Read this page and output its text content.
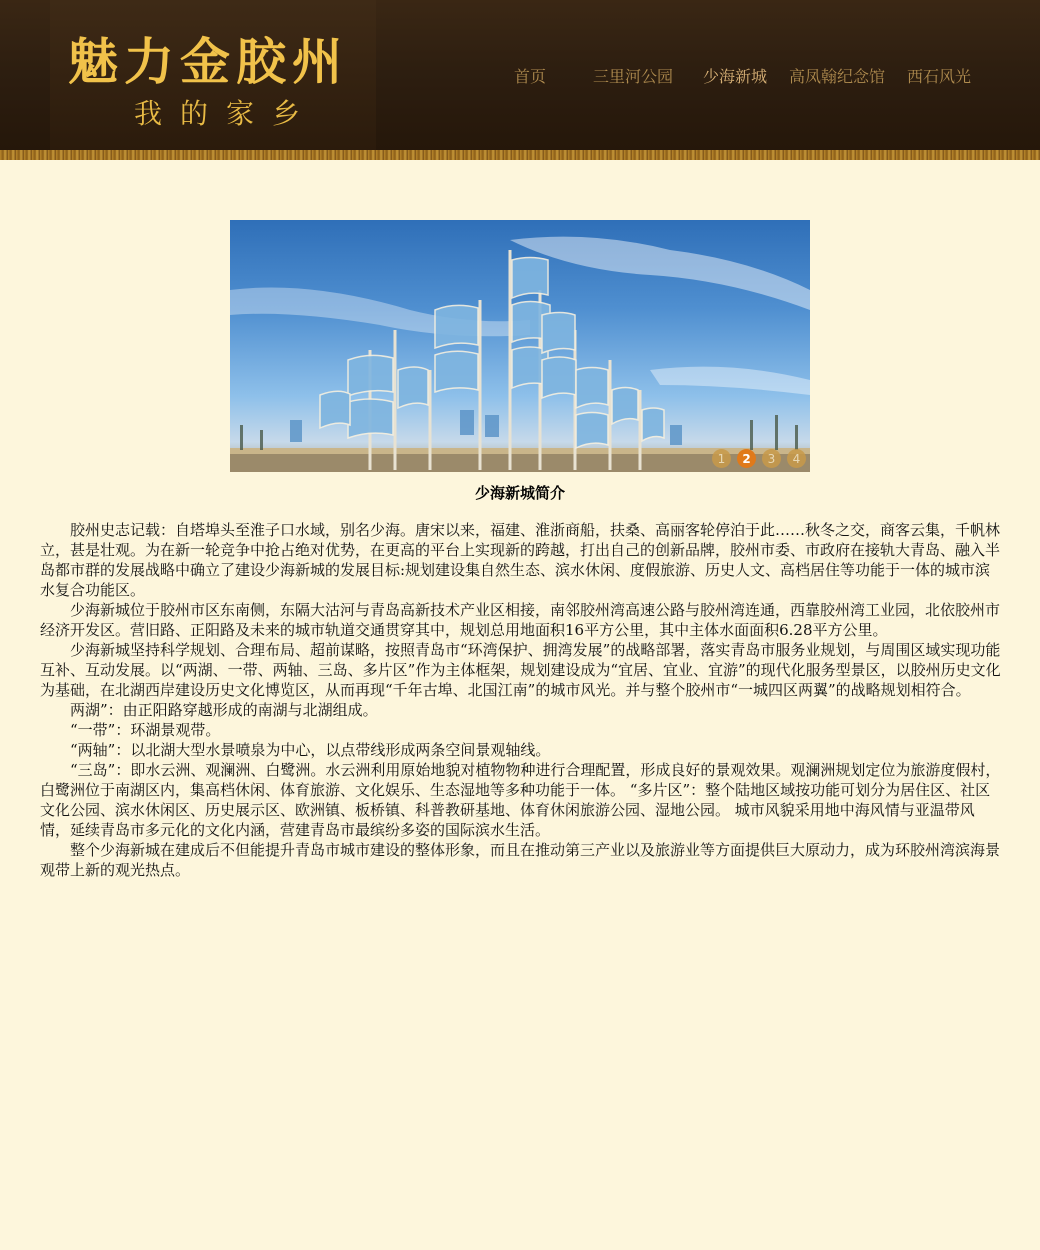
魅力金胶州
我的家乡
首页	三里河公园 少海新城 高凤翰纪念馆 西石风光
1	2	3	4
少海新城简介

胶州史志记载：自塔埠头至淮子口水域，别名少海。唐宋以来，福建、淮浙商船，扶桑、高丽客轮停泊于此……秋冬之交，商客云集，千帆林立，甚是壮观。为在新一轮竞争中抢占绝对优势，在更高的平台上实现新的跨越，打出自己的创新品牌，胶州市委、市政府在接轨大青岛、融入半岛都市群的发展战略中确立了建设少海新城的发展目标:规划建设集自然生态、滨水休闲、度假旅游、历史人文、高档居住等功能于一体的城市滨水复合功能区。

少海新城位于胶州市区东南侧，东隔大沽河与青岛高新技术产业区相接，南邻胶州湾高速公路与胶州湾连通，西靠胶州湾工业园，北依胶州市经济开发区。营旧路、正阳路及未来的城市轨道交通贯穿其中，规划总用地面积16平方公里，其中主体水面面积6.28平方公里。

少海新城坚持科学规划、合理布局、超前谋略，按照青岛市“环湾保护、拥湾发展”的战略部署，落实青岛市服务业规划，与周围区域实现功能互补、互动发展。以“两湖、一带、两轴、三岛、多片区”作为主体框架，规划建设成为“宜居、宜业、宜游”的现代化服务型景区，以胶州历史文化为基础，在北湖西岸建设历史文化博览区，从而再现“千年古埠、北国江南”的城市风光。并与整个胶州市“一城四区两翼”的战略规划相符合。

两湖”：由正阳路穿越形成的南湖与北湖组成。

“一带”：环湖景观带。

“两轴”：以北湖大型水景喷泉为中心，以点带线形成两条空间景观轴线。

“三岛”：即水云洲、观澜洲、白鹭洲。水云洲利用原始地貌对植物物种进行合理配置，形成良好的景观效果。观澜洲规划定位为旅游度假村，白鹭洲位于南湖区内，集高档休闲、体育旅游、文化娱乐、生态湿地等多种功能于一体。 “多片区”：整个陆地区域按功能可划分为居住区、社区文化公园、滨水休闲区、历史展示区、欧洲镇、板桥镇、科普教研基地、体育休闲旅游公园、湿地公园。 城市风貌采用地中海风情与亚温带风情，延续青岛市多元化的文化内涵，营建青岛市最缤纷多姿的国际滨水生活。

整个少海新城在建成后不但能提升青岛市城市建设的整体形象，而且在推动第三产业以及旅游业等方面提供巨大原动力，成为环胶州湾滨海景观带上新的观光热点。
